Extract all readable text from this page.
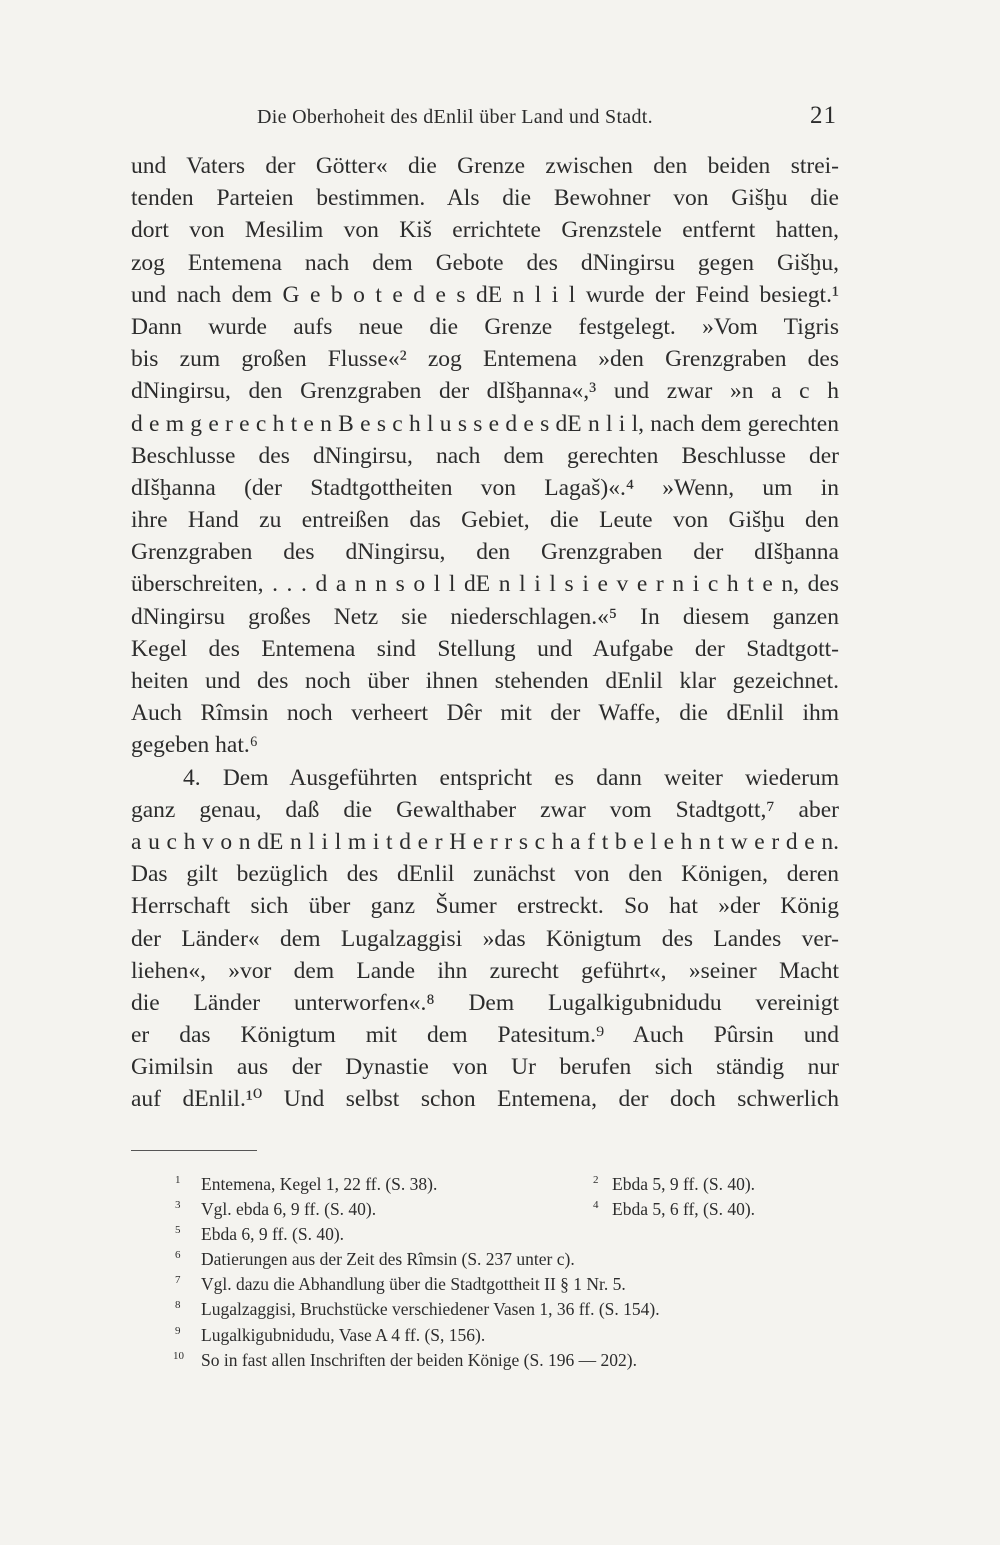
Die Oberhoheit des dEnlil über Land und Stadt.	21
und Vaters der Götter« die Grenze zwischen den beiden strei-
tenden Parteien bestimmen. Als die Bewohner von Gišḫu die
dort von Mesilim von Kiš errichtete Grenzstele entfernt hatten,
zog Entemena nach dem Gebote des dNingirsu gegen Gišḫu,
und nach dem G e b o t e d e s dE n l i l wurde der Feind besiegt.¹
Dann wurde aufs neue die Grenze festgelegt. »Vom Tigris
bis zum großen Flusse«² zog Entemena »den Grenzgraben des
dNingirsu, den Grenzgraben der dIšḫanna«,³ und zwar »n a c h
d e m g e r e c h t e n B e s c h l u s s e d e s dE n l i l, nach dem gerechten
Beschlusse des dNingirsu, nach dem gerechten Beschlusse der
dIšḫanna (der Stadtgottheiten von Lagaš)«.⁴ »Wenn, um in
ihre Hand zu entreißen das Gebiet, die Leute von Gišḫu den
Grenzgraben des dNingirsu, den Grenzgraben der dIšḫanna
überschreiten, . . . d a n n s o l l dE n l i l s i e v e r n i c h t e n, des
dNingirsu großes Netz sie niederschlagen.«⁵ In diesem ganzen
Kegel des Entemena sind Stellung und Aufgabe der Stadtgott-
heiten und des noch über ihnen stehenden dEnlil klar gezeichnet.
Auch Rîmsin noch verheert Dêr mit der Waffe, die dEnlil ihm
gegeben hat.⁶
4. Dem Ausgeführten entspricht es dann weiter wiederum
ganz genau, daß die Gewalthaber zwar vom Stadtgott,⁷ aber
a u c h v o n dE n l i l m i t d e r H e r r s c h a f t b e l e h n t w e r d e n.
Das gilt bezüglich des dEnlil zunächst von den Königen, deren
Herrschaft sich über ganz Šumer erstreckt. So hat »der König
der Länder« dem Lugalzaggisi »das Königtum des Landes ver-
liehen«, »vor dem Lande ihn zurecht geführt«, »seiner Macht
die Länder unterworfen«.⁸ Dem Lugalkigubnidudu vereinigt
er das Königtum mit dem Patesitum.⁹ Auch Pûrsin und
Gimilsin aus der Dynastie von Ur berufen sich ständig nur
auf dEnlil.¹⁰ Und selbst schon Entemena, der doch schwerlich
1 Entemena, Kegel 1, 22 ff. (S. 38).	2 Ebda 5, 9 ff. (S. 40).
3 Vgl. ebda 6, 9 ff. (S. 40).	4 Ebda 5, 6 ff, (S. 40).
5 Ebda 6, 9 ff. (S. 40).
6 Datierungen aus der Zeit des Rîmsin (S. 237 unter c).
7 Vgl. dazu die Abhandlung über die Stadtgottheit II § 1 Nr. 5.
8 Lugalzaggisi, Bruchstücke verschiedener Vasen 1, 36 ff. (S. 154).
9 Lugalkigubnidudu, Vase A 4 ff. (S, 156).
10 So in fast allen Inschriften der beiden Könige (S. 196 — 202).
